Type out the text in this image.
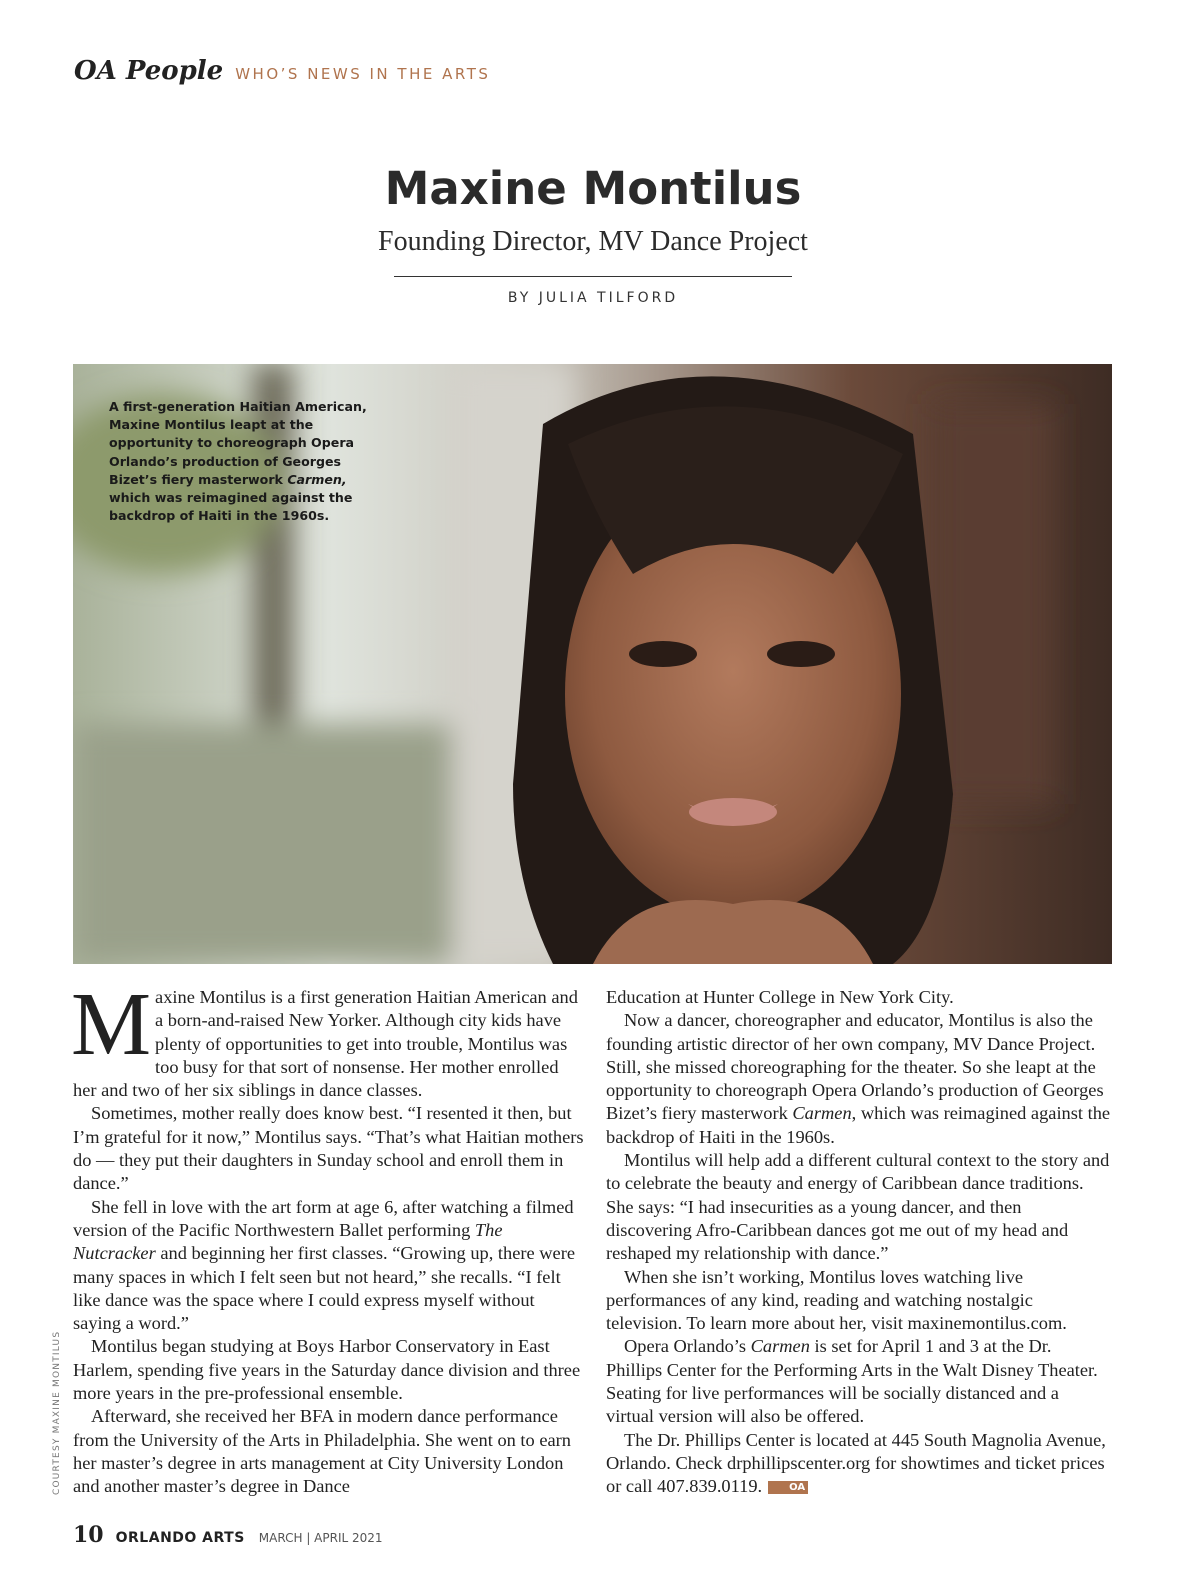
OA People WHO’S NEWS IN THE ARTS
Maxine Montilus
Founding Director, MV Dance Project
BY JULIA TILFORD
A first-generation Haitian American, Maxine Montilus leapt at the opportunity to choreograph Opera Orlando’s production of Georges Bizet’s fiery masterwork Carmen, which was reimagined against the backdrop of Haiti in the 1960s.
COURTESY MAXINE MONTILUS

Maxine Montilus is a first generation Haitian American and a born-and-raised New Yorker. Although city kids have plenty of opportunities to get into trouble, Montilus was too busy for that sort of nonsense. Her mother enrolled her and two of her six siblings in dance classes.

Sometimes, mother really does know best. “I resented it then, but I’m grateful for it now,” Montilus says. “That’s what Haitian mothers do — they put their daughters in Sunday school and enroll them in dance.”

She fell in love with the art form at age 6, after watching a filmed version of the Pacific Northwestern Ballet performing The Nutcracker and beginning her first classes. “Growing up, there were many spaces in which I felt seen but not heard,” she recalls. “I felt like dance was the space where I could express myself without saying a word.”

Montilus began studying at Boys Harbor Conservatory in East Harlem, spending five years in the Saturday dance division and three more years in the pre-professional ensemble.

Afterward, she received her BFA in modern dance performance from the University of the Arts in Philadelphia. She went on to earn her master’s degree in arts management at City University London and another master’s degree in Dance

Education at Hunter College in New York City.

Now a dancer, choreographer and educator, Montilus is also the founding artistic director of her own company, MV Dance Project. Still, she missed choreographing for the theater. So she leapt at the opportunity to choreograph Opera Orlando’s production of Georges Bizet’s fiery masterwork Carmen, which was reimagined against the backdrop of Haiti in the 1960s.

Montilus will help add a different cultural context to the story and to celebrate the beauty and energy of Caribbean dance traditions. She says: “I had insecurities as a young dancer, and then discovering Afro-Caribbean dances got me out of my head and reshaped my relationship with dance.”

When she isn’t working, Montilus loves watching live performances of any kind, reading and watching nostalgic television. To learn more about her, visit maxinemontilus.com.

Opera Orlando’s Carmen is set for April 1 and 3 at the Dr. Phillips Center for the Performing Arts in the Walt Disney Theater. Seating for live performances will be socially distanced and a virtual version will also be offered.

The Dr. Phillips Center is located at 445 South Magnolia Avenue, Orlando. Check drphillipscenter.org for showtimes and ticket prices or call 407.839.0119.	OA

10 ORLANDO ARTS MARCH | APRIL 2021
